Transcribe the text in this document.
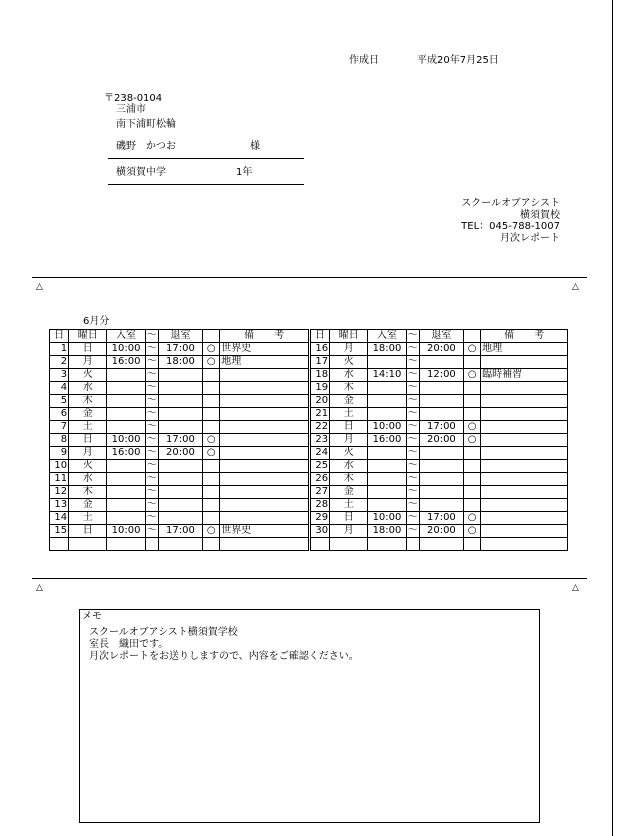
作成日	平成20年7月25日
〒238-0104
三浦市
南下浦町松輪
磯野　かつお	様
横須賀中学	1年
スクールオブアシスト
横須賀校
TEL：045-788-1007
月次レポート
△	△
6月分
日	曜日	入室	〜	退室		備　　考		日	曜日	入室	〜	退室		備　　考
1	日	10:00	〜	17:00	○	世界史		16	月	18:00	〜	20:00	○	地理
2	月	16:00	〜	18:00	○	地理		17	火		〜			
3	火		〜					18	水	14:10	〜	12:00	○	臨時補習
4	水		〜					19	木		〜			
5	木		〜					20	金		〜			
6	金		〜					21	土		〜			
7	土		〜					22	日	10:00	〜	17:00	○	
8	日	10:00	〜	17:00	○			23	月	16:00	〜	20:00	○	
9	月	16:00	〜	20:00	○			24	火		〜			
10	火		〜					25	水		〜			
11	水		〜					26	木		〜			
12	木		〜					27	金		〜			
13	金		〜					28	土		〜			
14	土		〜					29	日	10:00	〜	17:00	○	
15	日	10:00	〜	17:00	○	世界史		30	月	18:00	〜	20:00	○	

△	△
メモ
スクールオブアシスト横須賀学校
室長　織田です。
月次レポートをお送りしますので、内容をご確認ください。
